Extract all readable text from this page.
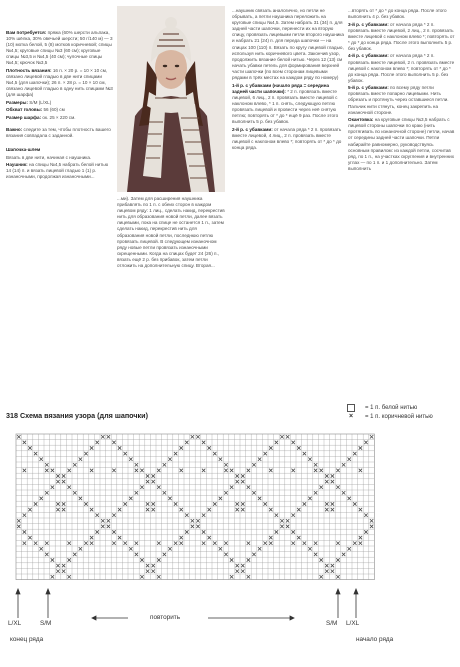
Вам потребуется: пряжа (60% шерсти альпака, 10% шёлка, 30% овечьей шерсти; 50 г/140 м) — 3 (10) мотка белой, 5 (8) мотков коричневой; спицы №4,5; круговые спицы №3 (60 см); круговые спицы №3,5 и №4,5 (40 см); чулочные спицы №4,5; крючок №3,5

Плотность вязания: 16 п. × 20 р. = 10 × 10 см, связано лицевой гладью в две нити спицами №4,5 (для шапочки); 26 п. × 28 р. = 10 × 10 см, связано лицевой гладью в одну нить спицами №3 (для шарфа)

Размеры: S/M (L/XL)

Обхват головы: 56 (60) см

Размер шарфа: ок. 25 × 220 см.

Важно: следите за тем, чтобы плотность вашего вязания совпадала с заданной.

Шапочка-шлем

Вязать в две нити, начиная с наушника.

Наушник: на спицы №4,5 набрать белой нитью 14 (14) п. и вязать лицевой гладью 1 (1) р. изнаночными, продолжая изнаночными...

...ми). Затем для расширения наушника прибавлять по 1 п. с обеих сторон в каждом лицевом ряду: 1 лиц., сделать накид, перекрестив нить для образования новой петли, далее вязать лицевыми, пока на спице не останется 1 п., затем сделать накид, перекрестив нить для образования новой петли, последнюю петлю провязать лицевой. В следующем изнаночном ряду новые петли провязать изнаночными скрещенными. Когда на спицах будет 24 (26) п., вязать ещё 2 р. без прибавок, затем петли отложить на дополнительную спицу. Вторая...

...наушник связать аналогично, но петли не обрывать, а петли наушника переложить на круговые спицы №4,5. Затем набрать 31 (34) п. для задней части шапочки, перенести их на вторую спицу, провязать лицевыми петли второго наушника и набрать 21 (24) п. для переда шапочки — на спицах 100 (110) п. Вязать по кругу лицевой гладью, используя нить коричневого цвета. Закончив узор, продолжить вязание белой нитью. Через 12 (13) см начать убавки петель для формирования верхней части шапочки (по всем сторонам лицевыми рядами в трёх местах на каждом ряду по номеру)

1-й р. с убавками (начало ряда = середина задней части шапочки): * 2 п. провязать вместе лицевой, 6 лиц., 2 п. провязать вместе лицевой с наклоном влево, * 1 п. снять, следующую петлю провязать лицевой и провести через неё снятую петлю; повторять от * до * ещё 9 раз. После этого выполнить 5 р. без убавок.

2-й р. с убавками: от начала ряда * 2 п. провязать вместе лицевой, 4 лиц., 2 п. провязать вместе лицевой с наклоном влево *; повторять от * до * до конца ряда.

...вторять от * до * до конца ряда. После этого выполнить 4 р. без убавок.

3-й р. с убавками: от начала ряда * 2 п. провязать вместе лицевой, 2 лиц., 2 п. провязать вместе лицевой с наклоном влево *; повторять от * до * до конца ряда. После этого выполнить 5 р. без убавок.

4-й р. с убавками: от начала ряда * 2 п. провязать вместе лицевой, 2 п. провязать вместе лицевой с наклоном влево *; повторять от * до * до конца ряда. После этого выполнить 5 р. без убавок.

5-й р. с убавками: по всему ряду петли провязать вместе попарно лицевыми. Нить обрезать и протянуть через оставшиеся петли. Пальчик нити стянуть, конец закрепить на изнаночной стороне.

Окантовка: на круговые спицы №3,5 набрать с лицевой стороны шапочки по краю (нить протягивать по изнаночной стороне) петли, начав от середины задней части шапочки. Петли набирайте равномерно, руководствуясь основным правилом: из каждой петли, сосчитав ряд, по 1 п., на участках скругления и внутренних углах — по 1 п. и 1 дополнительно. Затем выполнить

318 Схема вязания узора (для шапочки)
= 1 п. белой нитью
×	= 1 п. коричневой нитью
L/XL	S/M
повторить
S/M L/XL
конец ряда	начало ряда
